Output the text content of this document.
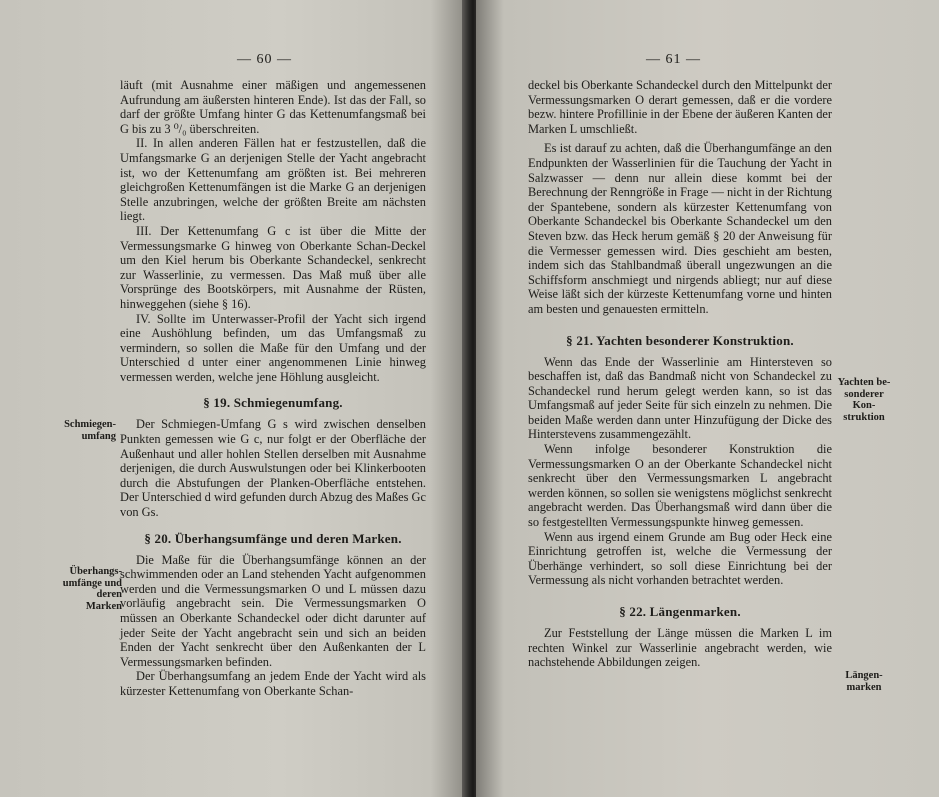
— 60 —
Schmiegen-
umfang
Überhangs-
umfänge und
deren
Marken

läuft (mit Ausnahme einer mäßigen und angemessenen Aufrundung am äußersten hinteren Ende). Ist das der Fall, so darf der größte Umfang hinter G das Kettenumfangsmaß bei G bis zu 3 ⁰/₀ überschreiten.

II. In allen anderen Fällen hat er festzustellen, daß die Umfangsmarke G an derjenigen Stelle der Yacht angebracht ist, wo der Kettenumfang am größten ist. Bei mehreren gleichgroßen Kettenumfängen ist die Marke G an derjenigen Stelle anzubringen, welche der größten Breite am nächsten liegt.

III. Der Kettenumfang G c ist über die Mitte der Vermessungsmarke G hinweg von Oberkante Schan-Deckel um den Kiel herum bis Oberkante Schandeckel, senkrecht zur Wasserlinie, zu vermessen. Das Maß muß über alle Vorsprünge des Bootskörpers, mit Ausnahme der Rüsten, hinweggehen (siehe § 16).

IV. Sollte im Unterwasser-Profil der Yacht sich irgend eine Aushöhlung befinden, um das Umfangsmaß zu vermindern, so sollen die Maße für den Umfang und der Unterschied d unter einer angenommenen Linie hinweg vermessen werden, welche jene Höhlung ausgleicht.

§ 19. Schmiegenumfang.

Der Schmiegen-Umfang G s wird zwischen denselben Punkten gemessen wie G c, nur folgt er der Oberfläche der Außenhaut und aller hohlen Stellen derselben mit Ausnahme derjenigen, die durch Auswulstungen oder bei Klinkerbooten durch die Abstufungen der Planken-Oberfläche entstehen. Der Unterschied d wird gefunden durch Abzug des Maßes Gc von Gs.

§ 20. Überhangsumfänge und deren Marken.

Die Maße für die Überhangsumfänge können an der schwimmenden oder an Land stehenden Yacht aufgenommen werden und die Vermessungsmarken O und L müssen dazu vorläufig angebracht sein. Die Vermessungsmarken O müssen an Oberkante Schandeckel oder dicht darunter auf jeder Seite der Yacht angebracht sein und sich an beiden Enden der Yacht senkrecht über den Außenkanten der L Vermessungsmarken befinden.

Der Überhangsumfang an jedem Ende der Yacht wird als kürzester Kettenumfang von Oberkante Schan-

— 61 —
Yachten be-
sonderer
Kon-
struktion
Längen-
marken

deckel bis Oberkante Schandeckel durch den Mittelpunkt der Vermessungsmarken O derart gemessen, daß er die vordere bezw. hintere Profillinie in der Ebene der äußeren Kanten der Marken L umschließt.

Es ist darauf zu achten, daß die Überhangumfänge an den Endpunkten der Wasserlinien für die Tauchung der Yacht in Salzwasser — denn nur allein diese kommt bei der Berechnung der Renngröße in Frage — nicht in der Richtung der Spantebene, sondern als kürzester Kettenumfang von Oberkante Schandeckel bis Oberkante Schandeckel um den Steven bzw. das Heck herum gemäß § 20 der Anweisung für die Vermesser gemessen wird. Dies geschieht am besten, indem sich das Stahlbandmaß überall ungezwungen an die Schiffsform anschmiegt und nirgends abliegt; nur auf diese Weise läßt sich der kürzeste Kettenumfang vorne und hinten am besten und genauesten ermitteln.

§ 21. Yachten besonderer Konstruktion.

Wenn das Ende der Wasserlinie am Hintersteven so beschaffen ist, daß das Bandmaß nicht von Schandeckel zu Schandeckel rund herum gelegt werden kann, so ist das Umfangsmaß auf jeder Seite für sich einzeln zu nehmen. Die beiden Maße werden dann unter Hinzufügung der Dicke des Hinterstevens zusammengezählt.

Wenn infolge besonderer Konstruktion die Vermessungsmarken O an der Oberkante Schandeckel nicht senkrecht über den Vermessungsmarken L angebracht werden können, so sollen sie wenigstens möglichst senkrecht angebracht werden. Das Überhangsmaß wird dann über die so festgestellten Vermessungspunkte hinweg gemessen.

Wenn aus irgend einem Grunde am Bug oder Heck eine Einrichtung getroffen ist, welche die Vermessung der Überhänge verhindert, so soll diese Einrichtung bei der Vermessung als nicht vorhanden betrachtet werden.

§ 22. Längenmarken.

Zur Feststellung der Länge müssen die Marken L im rechten Winkel zur Wasserlinie angebracht werden, wie nachstehende Abbildungen zeigen.
